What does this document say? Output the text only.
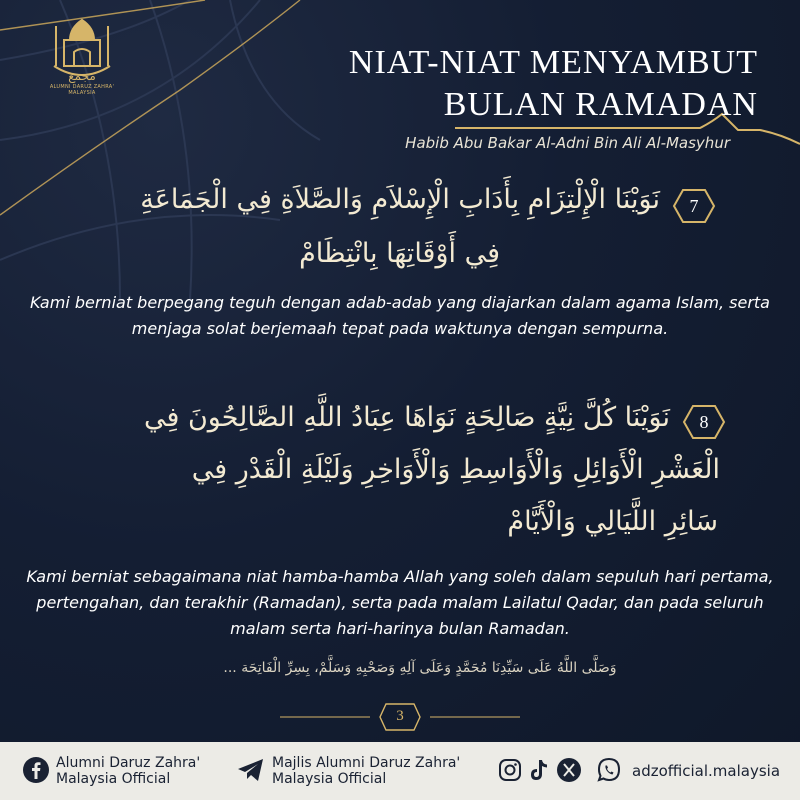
مجمع
ALUMNI DARUZ ZAHRA' MALAYSIA
NIAT-NIAT MENYAMBUT
BULAN RAMADAN
Habib Abu Bakar Al-Adni Bin Ali Al-Masyhur
نَوَيْنَا الْإِلْتِزَامِ بِأَدَابِ الْإِسْلاَمِ وَالصَّلاَةِ فِي الْجَمَاعَةِ	7
فِي أَوْقَاتِهَا بِانْتِظَامْ
Kami berniat berpegang teguh dengan adab-adab yang diajarkan dalam agama Islam, serta menjaga solat berjemaah tepat pada waktunya dengan sempurna.
نَوَيْنَا كُلَّ نِيَّةٍ صَالِحَةٍ نَوَاهَا عِبَادُ اللَّهِ الصَّالِحُونَ فِي	8
الْعَشْرِ الْأَوَائِلِ وَالْأَوَاسِطِ وَالْأَوَاخِرِ وَلَيْلَةِ الْقَدْرِ فِي
سَائِرِ اللَّيَالِي وَالْأَيَّامْ
Kami berniat sebagaimana niat hamba-hamba Allah yang soleh dalam sepuluh hari pertama, pertengahan, dan terakhir (Ramadan), serta pada malam Lailatul Qadar, dan pada seluruh malam serta hari-harinya bulan Ramadan.
وَصَلَّى اللَّهُ عَلَى سَيِّدِنَا مُحَمَّدٍ وَعَلَى آلِهِ وَصَحْبِهِ وَسَلَّمْ، بِسِرِّ الْفَاتِحَة ...
3
Alumni Daruz Zahra'
Malaysia Official
Majlis Alumni Daruz Zahra'
Malaysia Official	adzofficial.malaysia
